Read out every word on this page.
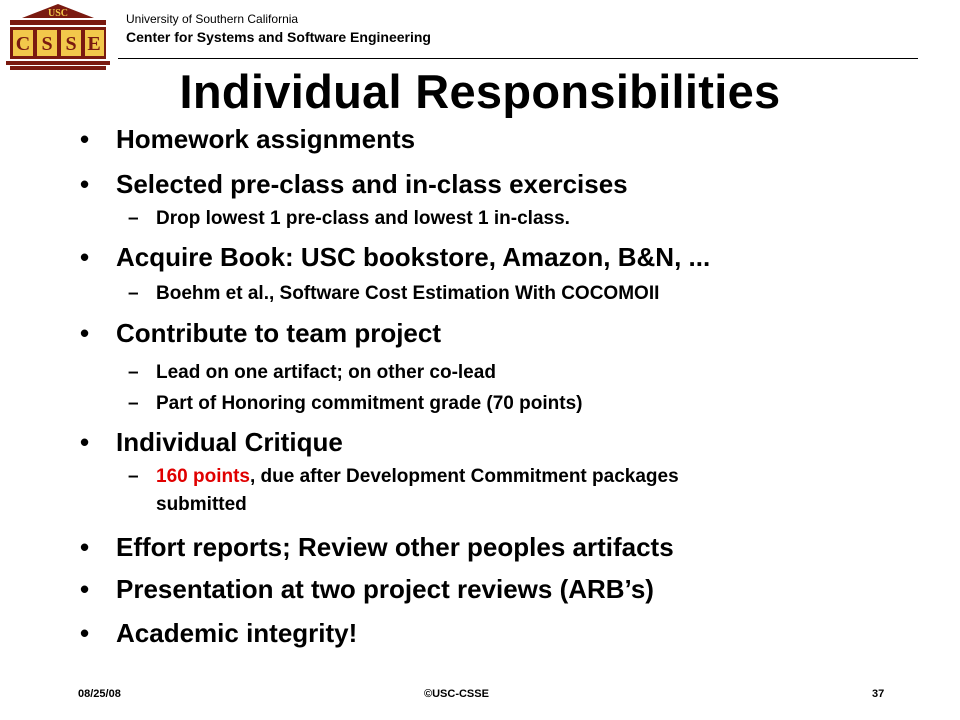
USC
C S S E
University of Southern California
Center for Systems and Software Engineering
Individual Responsibilities
• Homework assignments
• Selected pre-class and in-class exercises
– Drop lowest 1 pre-class and lowest 1 in-class.
• Acquire Book: USC bookstore, Amazon, B&N, ...
– Boehm et al., Software Cost Estimation With COCOMOII
• Contribute to team project
– Lead on one artifact; on other co-lead
– Part of Honoring commitment grade (70 points)
• Individual Critique
– 160 points, due after Development Commitment packages
submitted
• Effort reports; Review other peoples artifacts
• Presentation at two project reviews (ARB’s)
• Academic integrity!
08/25/08	©USC-CSSE	37
